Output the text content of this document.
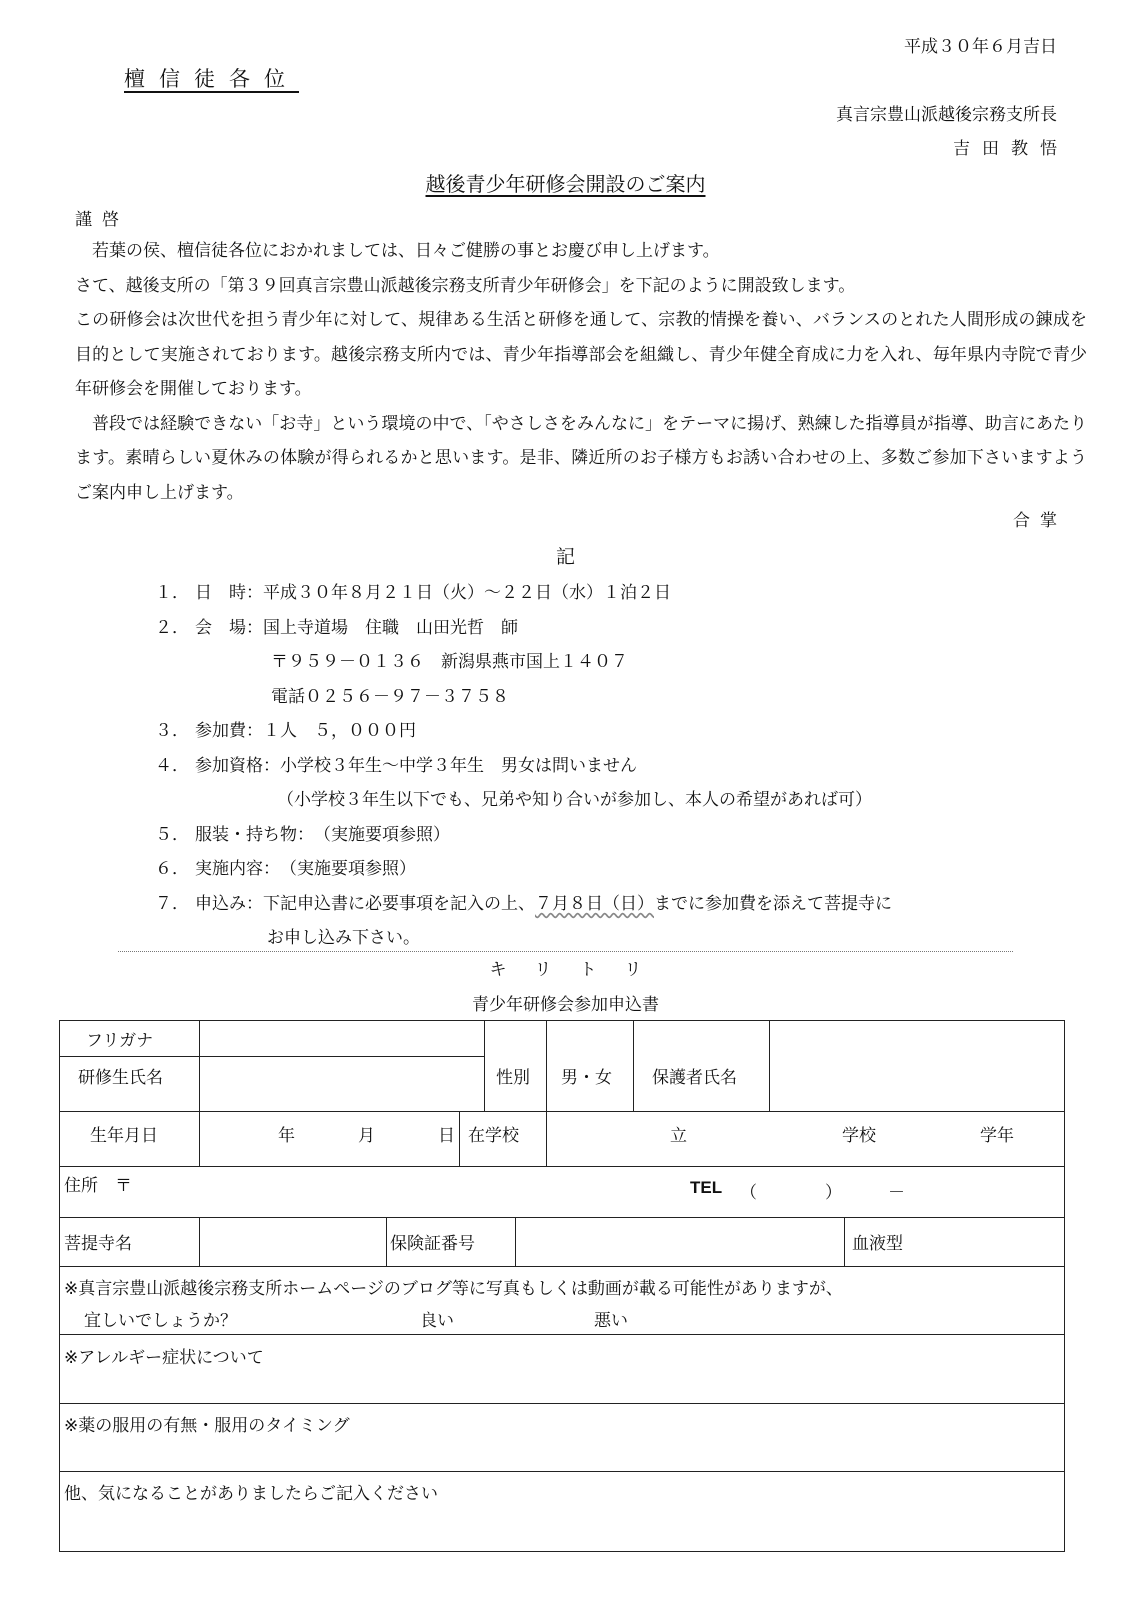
平成３０年６月吉日
檀信徒各位
真言宗豊山派越後宗務支所長
吉田教悟
越後青少年研修会開設のご案内
謹啓

若葉の侯、檀信徒各位におかれましては、日々ご健勝の事とお慶び申し上げます。

さて、越後支所の「第３９回真言宗豊山派越後宗務支所青少年研修会」を下記のように開設致します。

この研修会は次世代を担う青少年に対して、規律ある生活と研修を通して、宗教的情操を養い、バランスのとれた人間形成の錬成を目的として実施されております。越後宗務支所内では、青少年指導部会を組織し、青少年健全育成に力を入れ、毎年県内寺院で青少年研修会を開催しております。

普段では経験できない「お寺」という環境の中で、「やさしさをみんなに」をテーマに揚げ、熟練した指導員が指導、助言にあたります。素晴らしい夏休みの体験が得られるかと思います。是非、隣近所のお子様方もお誘い合わせの上、多数ご参加下さいますようご案内申し上げます。

合掌
記
１． 日　時： 平成３０年８月２１日（火）～２２日（水）１泊２日
２． 会　場： 国上寺道場　住職　山田光哲　師
〒９５９－０１３６　新潟県燕市国上１４０７
電話０２５６－９７－３７５８
３． 参加費： １人　５，０００円
４． 参加資格： 小学校３年生～中学３年生　男女は問いません
（小学校３年生以下でも、兄弟や知り合いが参加し、本人の希望があれば可）
５． 服装・持ち物： （実施要項参照）
６． 実施内容： （実施要項参照）
７． 申込み： 下記申込書に必要事項を記入の上、 ７月８日（日） までに参加費を添えて菩提寺に
お申し込み下さい。
キリトリ
青少年研修会参加申込書
フリガナ
研修生氏名	性別 男・女 保護者氏名
生年月日	年	月	日 在学校	立	学校	学年
住所　〒	TEL （	）	－
菩提寺名	保険証番号	血液型
※真言宗豊山派越後宗務支所ホームページのブログ等に写真もしくは動画が載る可能性がありますが、
宜しいでしょうか？	良い	悪い
※アレルギー症状について
※薬の服用の有無・服用のタイミング
他、気になることがありましたらご記入ください
